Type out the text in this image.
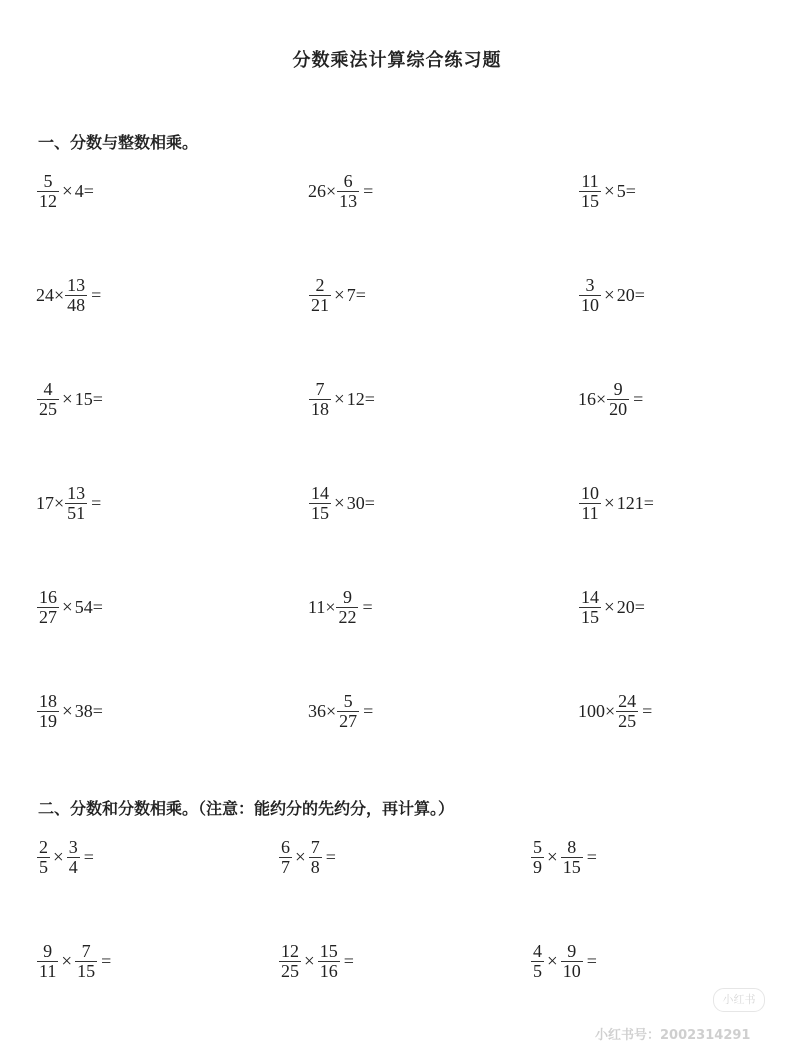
分数乘法计算综合练习题
一、分数与整数相乘。
$\frac{5}{12} \times 4=$	$26\times \frac{6}{13}$ =	$\frac{11}{15} \times 5=$
$24\times \frac{13}{48}$ =	$\frac{2}{21} \times 7=$	$\frac{3}{10} \times 20=$
$\frac{4}{25} \times 15=$	$\frac{7}{18} \times 12=$	$16\times \frac{9}{20}$ =
$17\times \frac{13}{51}$ =	$\frac{14}{15} \times 30=$	$\frac{10}{11} \times 121=$
$\frac{16}{27} \times 54=$	$11\times \frac{9}{22}$ =	$\frac{14}{15} \times 20=$
$\frac{18}{19} \times 38=$	$36\times \frac{5}{27}$ =	$100\times \frac{24}{25}$ =
二、分数和分数相乘。（注意：能约分的先约分，再计算。）
$\frac{2}{5} \times \frac{3}{4}$ =	$\frac{6}{7} \times \frac{7}{8}$ =	$\frac{5}{9} \times \frac{8}{15}$ =
$\frac{9}{11} \times \frac{7}{15}$ =	$\frac{12}{25} \times \frac{15}{16}$ =	$\frac{4}{5} \times \frac{9}{10}$ =
小红书
小红书号：2002314291
